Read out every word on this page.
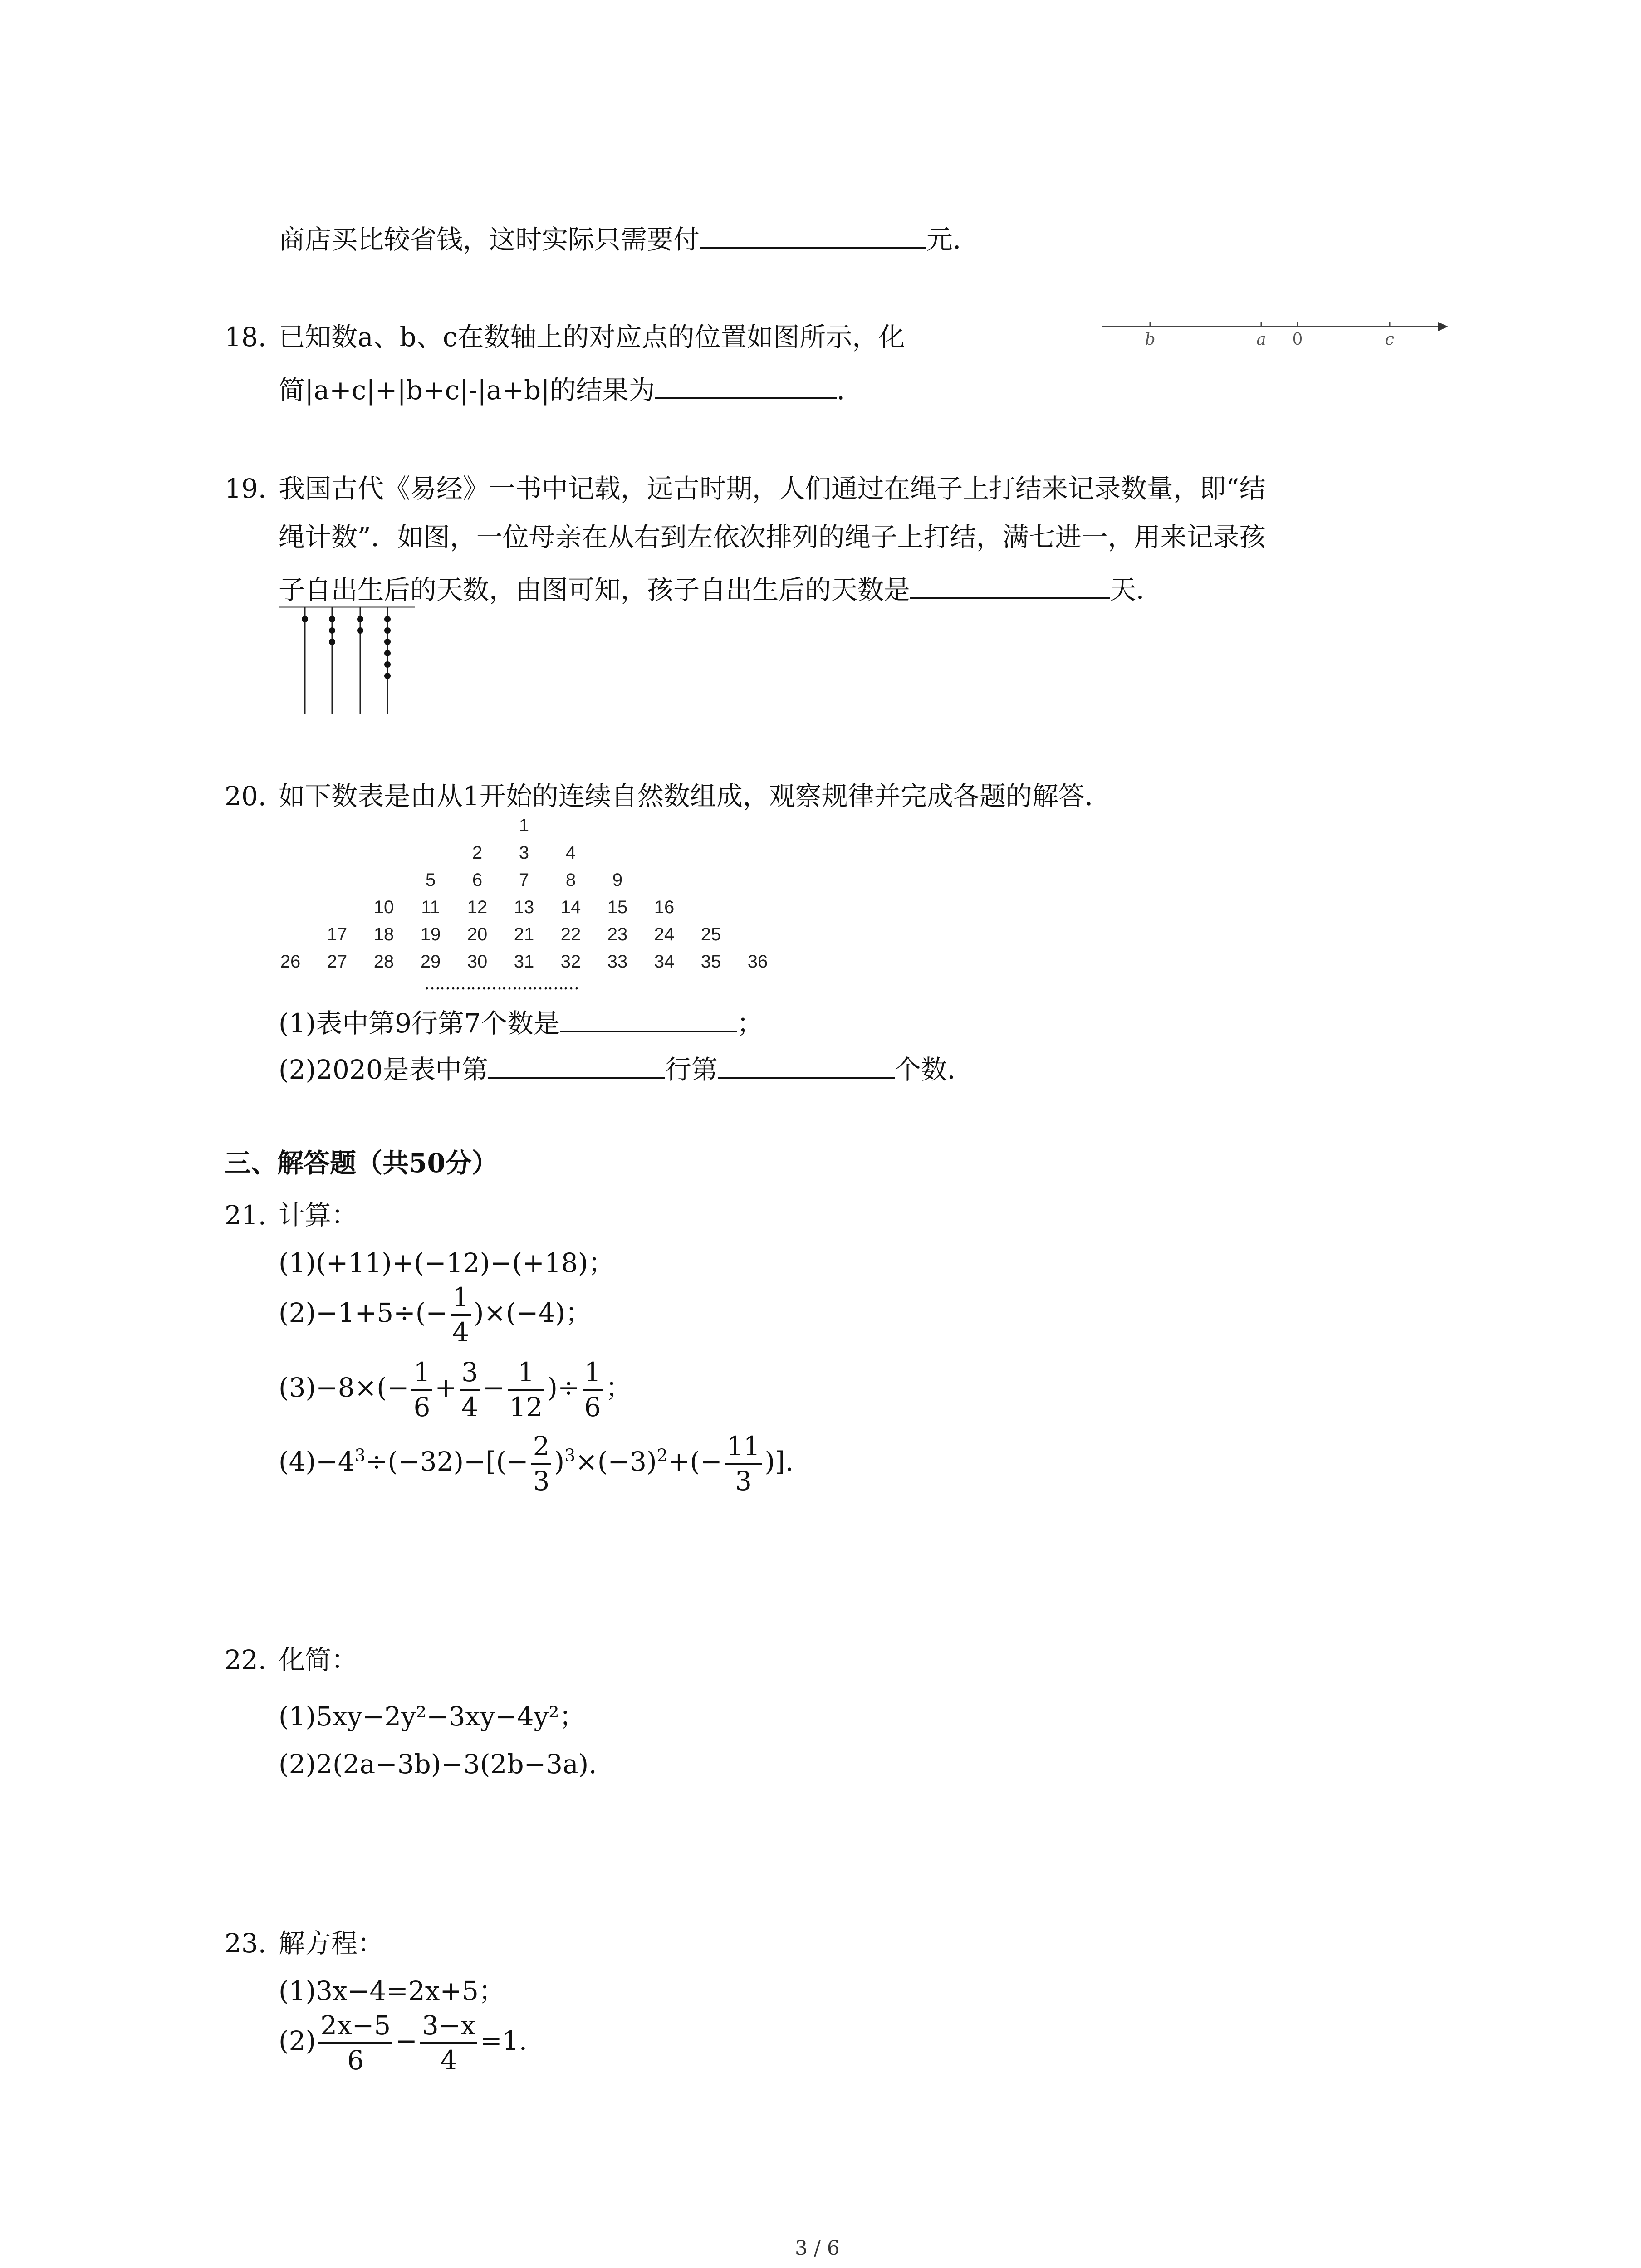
商店买比较省钱，这时实际只需要付	元．
18. 已知数a、b、c在数轴上的对应点的位置如图所示，化
简|a+c|+|b+c|-|a+b|的结果为	.
b	a 0	c
19. 我国古代《易经》一书中记载，远古时期，人们通过在绳子上打结来记录数量，即“结
绳计数”．如图，一位母亲在从右到左依次排列的绳子上打结，满七进一，用来记录孩
子自出生后的天数，由图可知，孩子自出生后的天数是	天．
20. 如下数表是由从1开始的连续自然数组成，观察规律并完成各题的解答．
1
2 3 4
5 6 7 8 9
10 11 12 13 14 15 16
17 18 19 20 21 22 23 24 25
26 27 28 29 30 31 32 33 34 35 36
…………………………
(1)表中第9行第7个数是	；
(2)2020是表中第	行第	个数．
三、解答题（共50分）
21. 计算：
(1)(+11)+(−12)−(+18)；
$(2)-1+5\div(- \frac{1}{4} )\times(-4)$；
$(3)-8\times(- \frac{1}{6} + \frac{3}{4} - \frac{1}{12}$ )÷ $\frac{1}{6}$ ；
$(4)-4^3\div(-32)-[(- \frac{2}{3} )^3\times(-3)^2+(- \frac{11}{3}$ )].
22. 化简：
(1)5xy−2y²−3xy−4y²；
(2)2(2a−3b)−3(2b−3a).
23. 解方程：
(1)3x−4=2x+5；
$(2) \frac{2x-5}{6} - \frac{3-x}{4} =1$.
3 / 6
